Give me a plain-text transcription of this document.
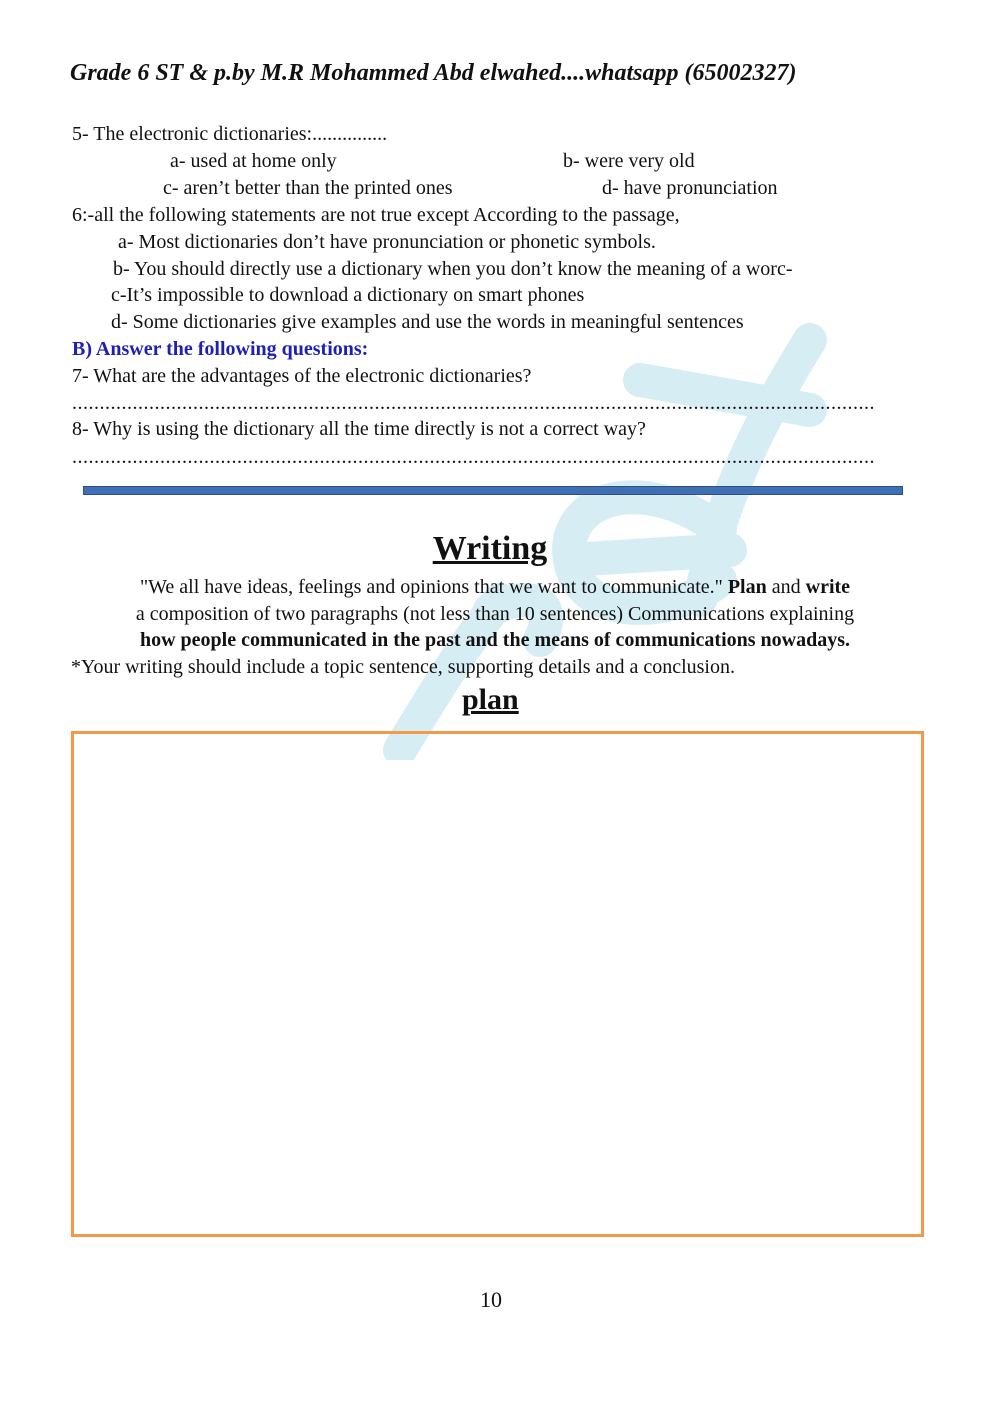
Grade 6 ST & p.by M.R Mohammed Abd elwahed....whatsapp (65002327)
5- The electronic dictionaries:...............
a- used at home only	b- were very old
c- aren’t better than the printed ones	d- have pronunciation
6:-all the following statements are not true except According to the passage,
a- Most dictionaries don’t have pronunciation or phonetic symbols.
b- You should directly use a dictionary when you don’t know the meaning of a worc-
c-It’s impossible to download a dictionary on smart phones
d- Some dictionaries give examples and use the words in meaningful sentences
B) Answer the following questions:
7- What are the advantages of the electronic dictionaries?
..................................................................................................................................................
8- Why is using the dictionary all the time directly is not a correct way?
..................................................................................................................................................
Writing
"We all have ideas, feelings and opinions that we want to communicate." Plan and write
a composition of two paragraphs (not less than 10 sentences) Communications explaining
how people communicated in the past and the means of communications nowadays.
*Your writing should include a topic sentence, supporting details and a conclusion.
plan
10
